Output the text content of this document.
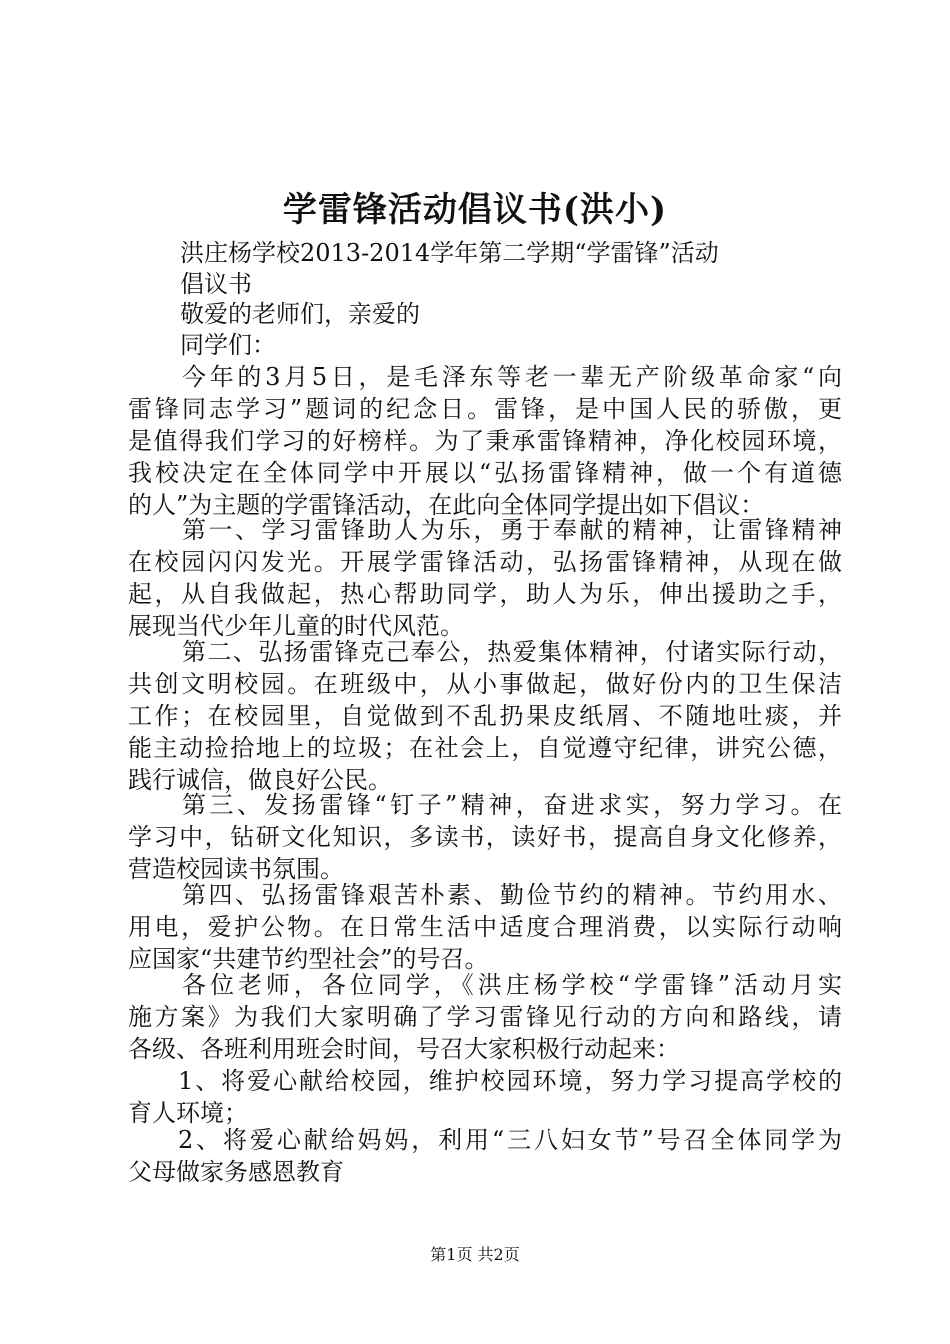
学雷锋活动倡议书(洪小)
洪庄杨学校2013-2014学年第二学期“学雷锋”活动
倡议书
敬爱的老师们，亲爱的
同学们：
今年的3月5日，是毛泽东等老一辈无产阶级革命家“向
雷锋同志学习”题词的纪念日。雷锋，是中国人民的骄傲，更
是值得我们学习的好榜样。为了秉承雷锋精神，净化校园环境，
我校决定在全体同学中开展以“弘扬雷锋精神，做一个有道德
的人”为主题的学雷锋活动，在此向全体同学提出如下倡议：
第一、学习雷锋助人为乐，勇于奉献的精神，让雷锋精神
在校园闪闪发光。开展学雷锋活动，弘扬雷锋精神，从现在做
起，从自我做起，热心帮助同学，助人为乐，伸出援助之手，
展现当代少年儿童的时代风范。
第二、弘扬雷锋克己奉公，热爱集体精神，付诸实际行动，
共创文明校园。在班级中，从小事做起，做好份内的卫生保洁
工作；在校园里，自觉做到不乱扔果皮纸屑、不随地吐痰，并
能主动捡拾地上的垃圾；在社会上，自觉遵守纪律，讲究公德，
践行诚信，做良好公民。
第三、发扬雷锋“钉子”精神，奋进求实，努力学习。在
学习中，钻研文化知识，多读书，读好书，提高自身文化修养，
营造校园读书氛围。
第四、弘扬雷锋艰苦朴素、勤俭节约的精神。节约用水、
用电，爱护公物。在日常生活中适度合理消费，以实际行动响
应国家“共建节约型社会”的号召。
各位老师，各位同学，《洪庄杨学校“学雷锋”活动月实
施方案》为我们大家明确了学习雷锋见行动的方向和路线，请
各级、各班利用班会时间，号召大家积极行动起来：
1、将爱心献给校园，维护校园环境，努力学习提高学校的
育人环境；
2、将爱心献给妈妈，利用“三八妇女节”号召全体同学为
父母做家务感恩教育
第1页 共2页
